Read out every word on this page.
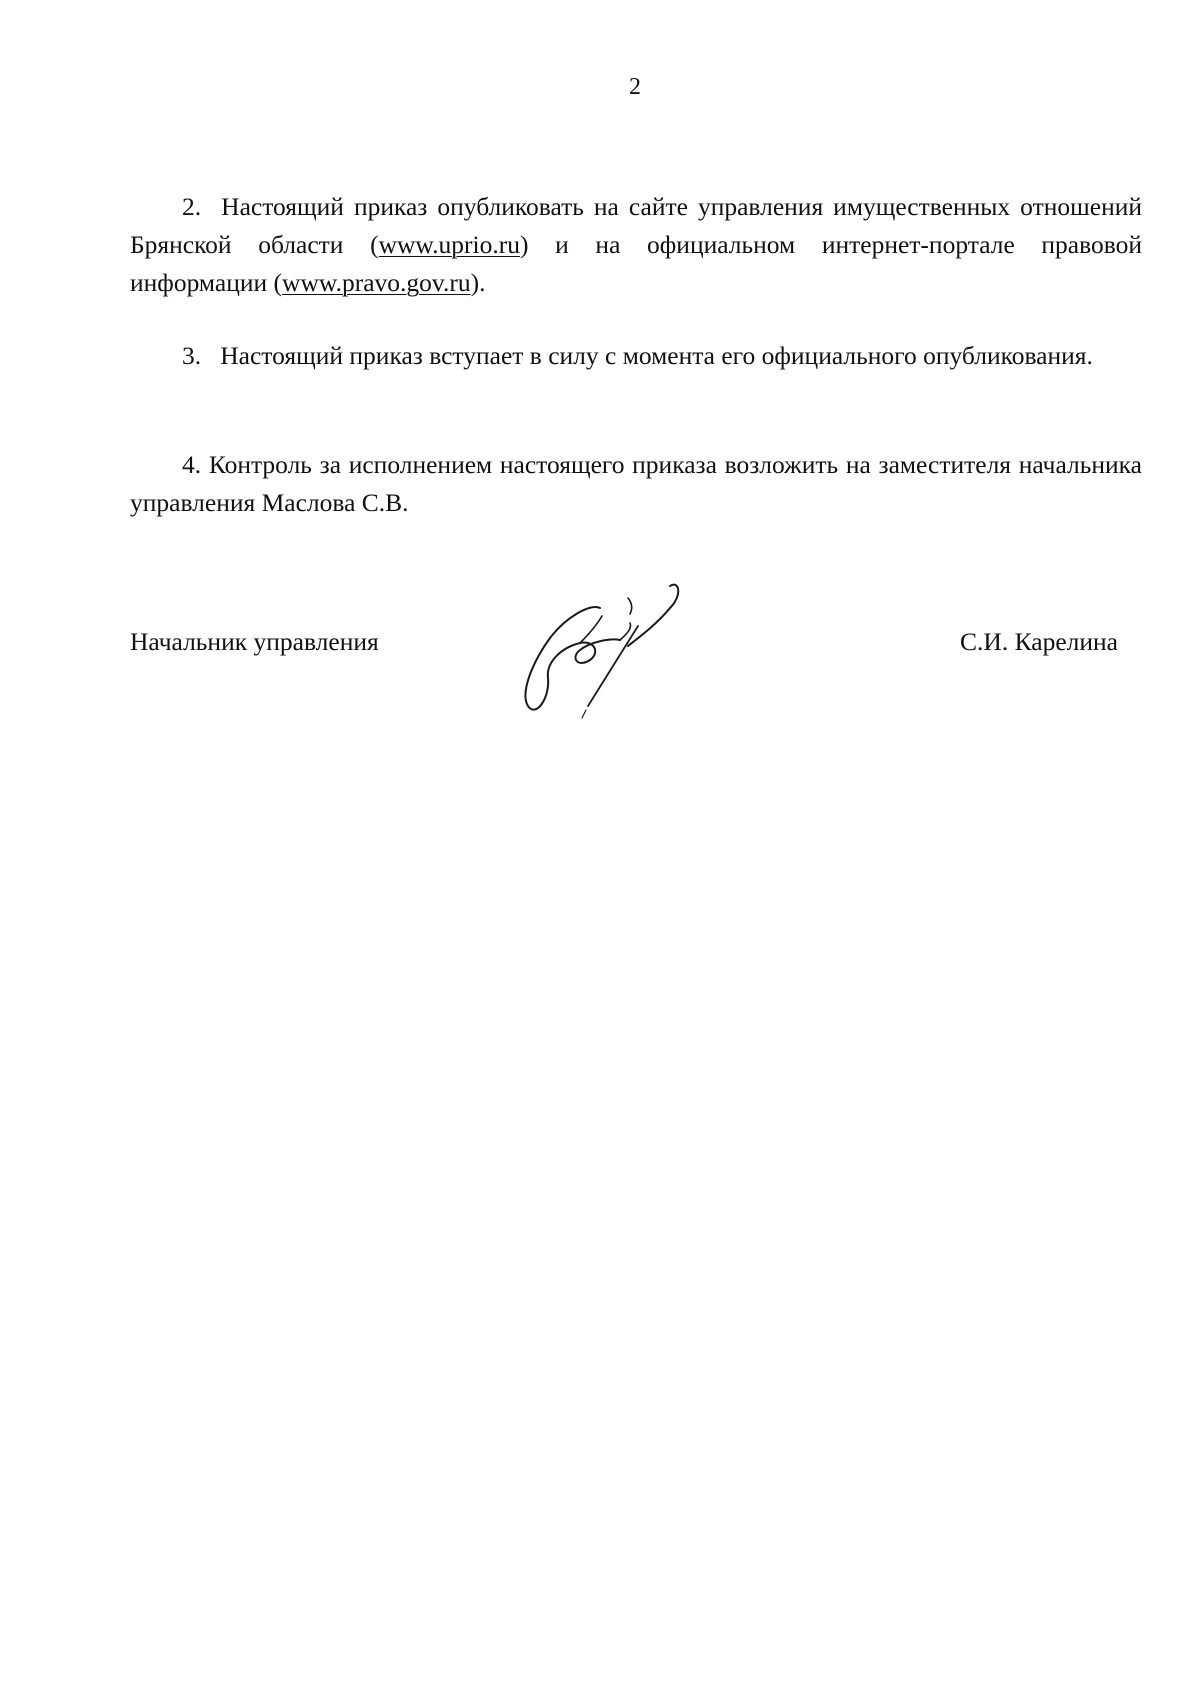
2

2. Настоящий приказ опубликовать на сайте управления имущественных отношений Брянской области (www.uprio.ru) и на официальном интернет-портале правовой информации (www.pravo.gov.ru).

3. Настоящий приказ вступает в силу с момента его официального опубликования.

4. Контроль за исполнением настоящего приказа возложить на заместителя начальника управления Маслова С.В.

Начальник управления	С.И. Карелина
